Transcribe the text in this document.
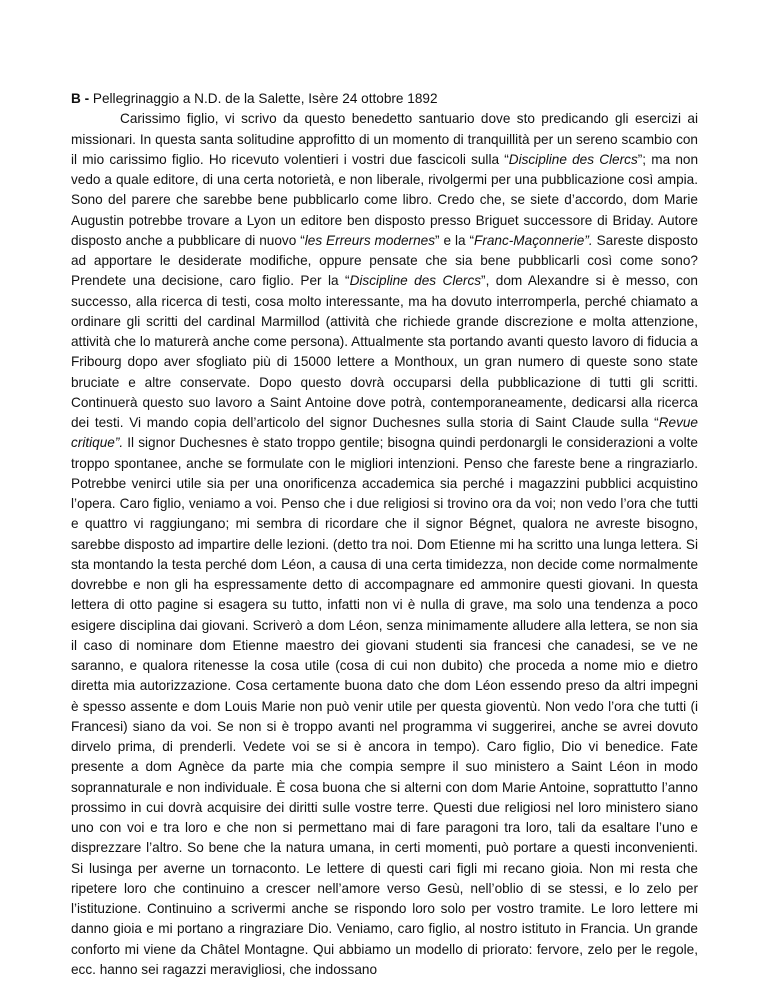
B - Pellegrinaggio a N.D. de la Salette, Isère 24 ottobre 1892
Carissimo figlio, vi scrivo da questo benedetto santuario dove sto predicando gli esercizi ai missionari. In questa santa solitudine approfitto di un momento di tranquillità per un sereno scambio con il mio carissimo figlio. Ho ricevuto volentieri i vostri due fascicoli sulla “Discipline des Clercs”; ma non vedo a quale editore, di una certa notorietà, e non liberale, rivolgermi per una pubblicazione così ampia. Sono del parere che sarebbe bene pubblicarlo come libro. Credo che, se siete d’accordo, dom Marie Augustin potrebbe trovare a Lyon un editore ben disposto presso Briguet successore di Briday. Autore disposto anche a pubblicare di nuovo “les Erreurs modernes” e la “Franc-Maçonnerie”. Sareste disposto ad apportare le desiderate modifiche, oppure pensate che sia bene pubblicarli così come sono? Prendete una decisione, caro figlio. Per la “Discipline des Clercs”, dom Alexandre si è messo, con successo, alla ricerca di testi, cosa molto interessante, ma ha dovuto interromperla, perché chiamato a ordinare gli scritti del cardinal Marmillod (attività che richiede grande discrezione e molta attenzione, attività che lo maturerà anche come persona). Attualmente sta portando avanti questo lavoro di fiducia a Fribourg dopo aver sfogliato più di 15000 lettere a Monthoux, un gran numero di queste sono state bruciate e altre conservate. Dopo questo dovrà occuparsi della pubblicazione di tutti gli scritti. Continuerà questo suo lavoro a Saint Antoine dove potrà, contemporaneamente, dedicarsi alla ricerca dei testi. Vi mando copia dell’articolo del signor Duchesnes sulla storia di Saint Claude sulla “Revue critique”. Il signor Duchesnes è stato troppo gentile; bisogna quindi perdonargli le considerazioni a volte troppo spontanee, anche se formulate con le migliori intenzioni. Penso che fareste bene a ringraziarlo. Potrebbe venirci utile sia per una onorificenza accademica sia perché i magazzini pubblici acquistino l’opera. Caro figlio, veniamo a voi. Penso che i due religiosi si trovino ora da voi; non vedo l’ora che tutti e quattro vi raggiungano; mi sembra di ricordare che il signor Bégnet, qualora ne avreste bisogno, sarebbe disposto ad impartire delle lezioni. (detto tra noi. Dom Etienne mi ha scritto una lunga lettera. Si sta montando la testa perché dom Léon, a causa di una certa timidezza, non decide come normalmente dovrebbe e non gli ha espressamente detto di accompagnare ed ammonire questi giovani. In questa lettera di otto pagine si esagera su tutto, infatti non vi è nulla di grave, ma solo una tendenza a poco esigere disciplina dai giovani. Scriverò a dom Léon, senza minimamente alludere alla lettera, se non sia il caso di nominare dom Etienne maestro dei giovani studenti sia francesi che canadesi, se ve ne saranno, e qualora ritenesse la cosa utile (cosa di cui non dubito) che proceda a nome mio e dietro diretta mia autorizzazione. Cosa certamente buona dato che dom Léon essendo preso da altri impegni è spesso assente e dom Louis Marie non può venir utile per questa gioventù. Non vedo l’ora che tutti (i Francesi) siano da voi. Se non si è troppo avanti nel programma vi suggerirei, anche se avrei dovuto dirvelo prima, di prenderli. Vedete voi se si è ancora in tempo). Caro figlio, Dio vi benedice. Fate presente a dom Agnèce da parte mia che compia sempre il suo ministero a Saint Léon in modo soprannaturale e non individuale. È cosa buona che si alterni con dom Marie Antoine, soprattutto l’anno prossimo in cui dovrà acquisire dei diritti sulle vostre terre. Questi due religiosi nel loro ministero siano uno con voi e tra loro e che non si permettano mai di fare paragoni tra loro, tali da esaltare l’uno e disprezzare l’altro. So bene che la natura umana, in certi momenti, può portare a questi inconvenienti. Si lusinga per averne un tornaconto. Le lettere di questi cari figli mi recano gioia. Non mi resta che ripetere loro che continuino a crescer nell’amore verso Gesù, nell’oblio di se stessi, e lo zelo per l’istituzione. Continuino a scrivermi anche se rispondo loro solo per vostro tramite. Le loro lettere mi danno gioia e mi portano a ringraziare Dio. Veniamo, caro figlio, al nostro istituto in Francia. Un grande conforto mi viene da Châtel Montagne. Qui abbiamo un modello di priorato: fervore, zelo per le regole, ecc. hanno sei ragazzi meravigliosi, che indossano
